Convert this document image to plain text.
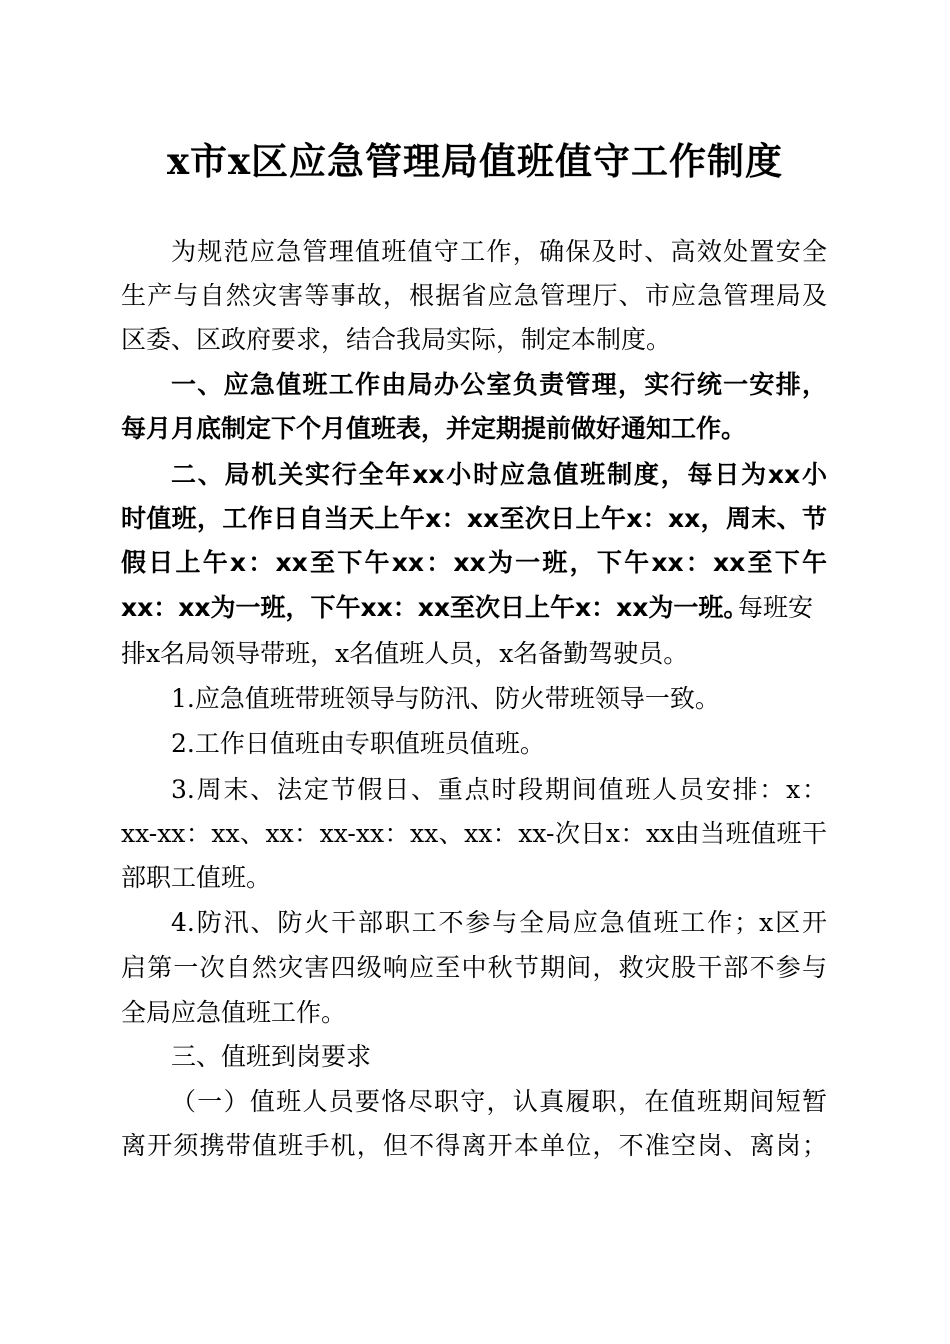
x市x区应急管理局值班值守工作制度
为规范应急管理值班值守工作，确保及时、高效处置安全
生产与自然灾害等事故，根据省应急管理厅、市应急管理局及
区委、区政府要求，结合我局实际，制定本制度。
一、应急值班工作由局办公室负责管理，实行统一安排，
每月月底制定下个月值班表，并定期提前做好通知工作。
二、局机关实行全年xx小时应急值班制度，每日为xx小
时值班，工作日自当天上午x：xx至次日上午x：xx，周末、节
假日上午x：xx至下午xx：xx为一班，下午xx：xx至下午
xx：xx为一班，下午xx：xx至次日上午x：xx为一班。
每班安
排x名局领导带班，x名值班人员，x名备勤驾驶员。
1.应急值班带班领导与防汛、防火带班领导一致。
2.工作日值班由专职值班员值班。
3.周末、法定节假日、重点时段期间值班人员安排：x：
xx-xx：xx、xx：xx-xx：xx、xx：xx-次日x：xx由当班值班干
部职工值班。
4.防汛、防火干部职工不参与全局应急值班工作；x区开
启第一次自然灾害四级响应至中秋节期间，救灾股干部不参与
全局应急值班工作。
三、值班到岗要求
（一）值班人员要恪尽职守，认真履职，在值班期间短暂
离开须携带值班手机，但不得离开本单位，不准空岗、离岗；
